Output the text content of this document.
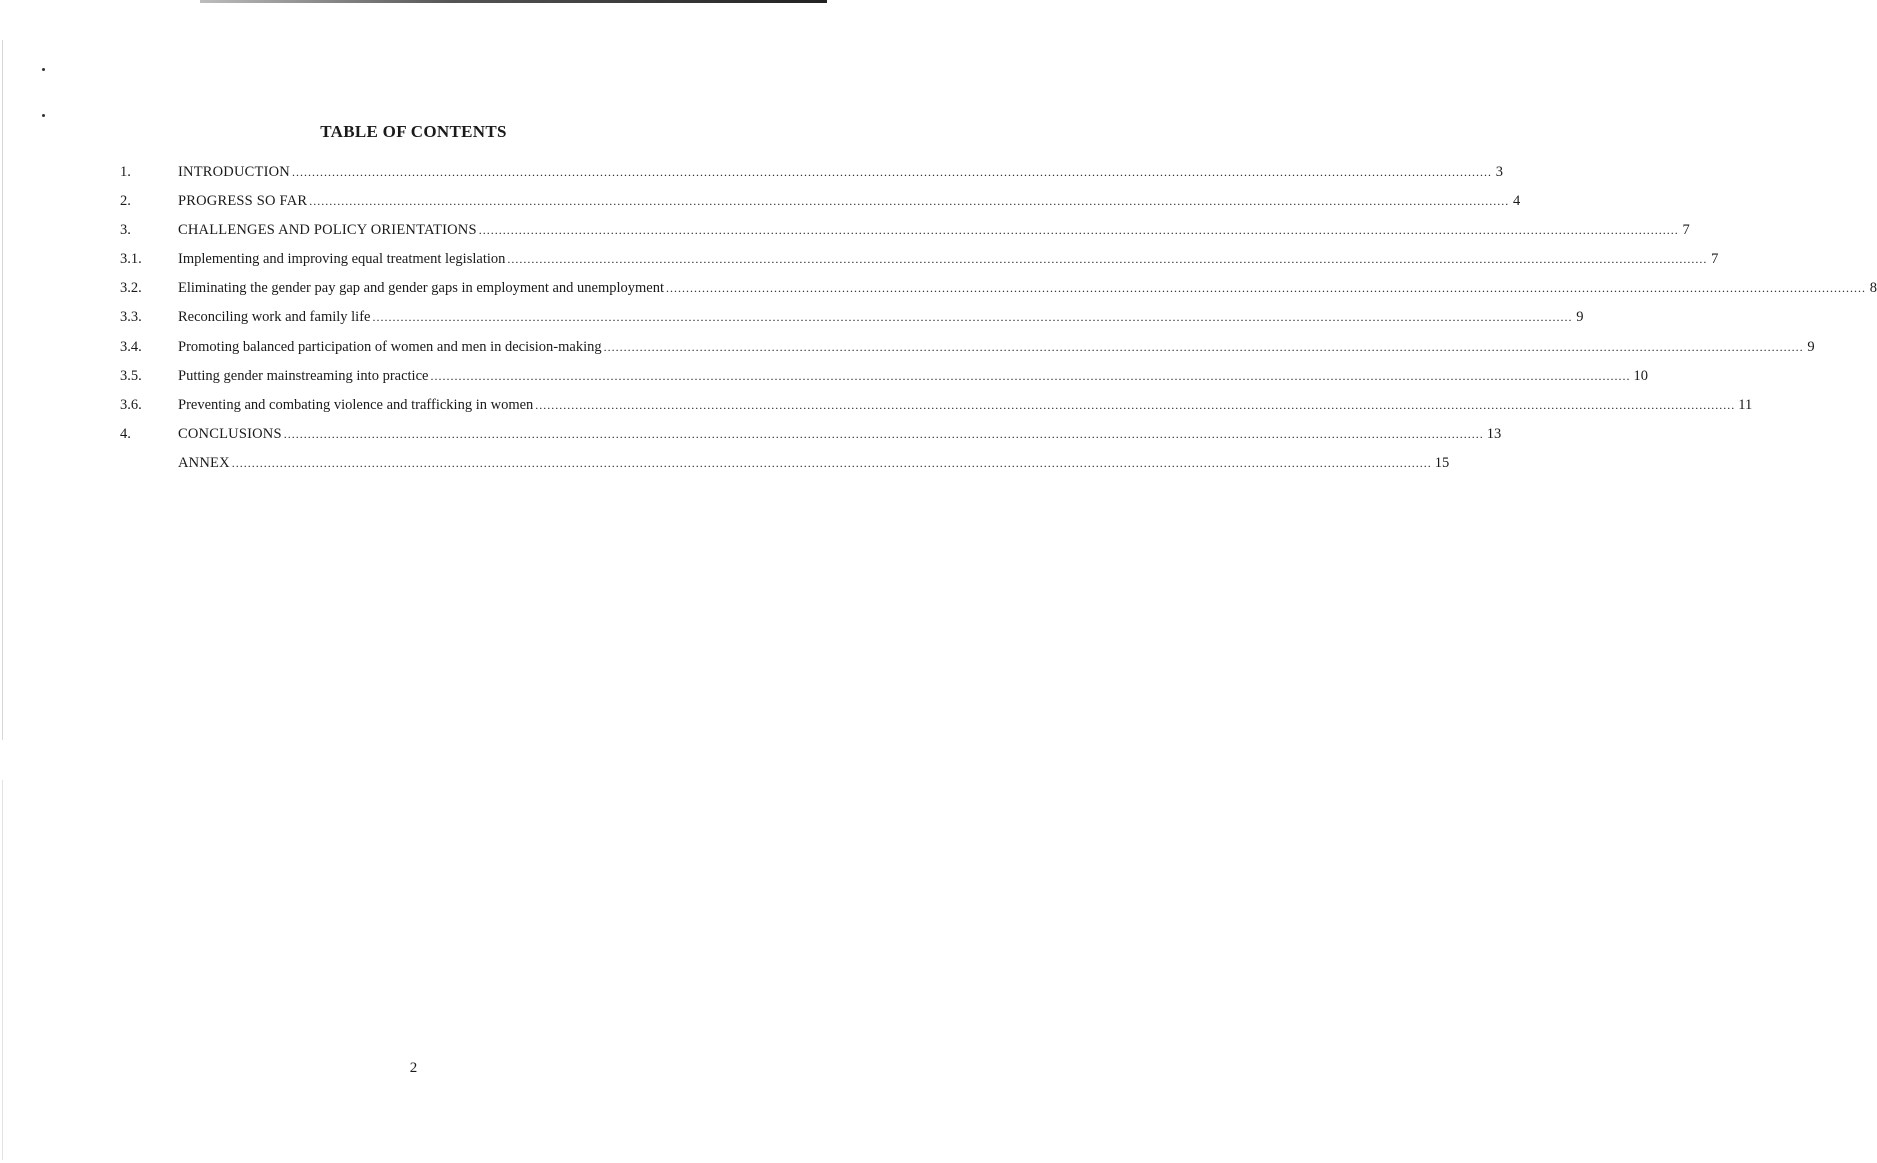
TABLE OF CONTENTS
1.	INTRODUCTION ............................................................................................................................................................................................................................................................................................................ 3
2.	PROGRESS SO FAR ............................................................................................................................................................................................................................................................................................................ 4
3.	CHALLENGES AND POLICY ORIENTATIONS ............................................................................................................................................................................................................................................................................................................ 7
3.1.	Implementing and improving equal treatment legislation ............................................................................................................................................................................................................................................................................................................ 7
3.2.	Eliminating the gender pay gap and gender gaps in employment and unemployment ............................................................................................................................................................................................................................................................................................................ 8
3.3.	Reconciling work and family life ............................................................................................................................................................................................................................................................................................................ 9
3.4.	Promoting balanced participation of women and men in decision-making ............................................................................................................................................................................................................................................................................................................ 9
3.5.	Putting gender mainstreaming into practice ............................................................................................................................................................................................................................................................................................................ 10
3.6.	Preventing and combating violence and trafficking in women ............................................................................................................................................................................................................................................................................................................ 11
4.	CONCLUSIONS ............................................................................................................................................................................................................................................................................................................ 13
ANNEX ............................................................................................................................................................................................................................................................................................................ 15
2
